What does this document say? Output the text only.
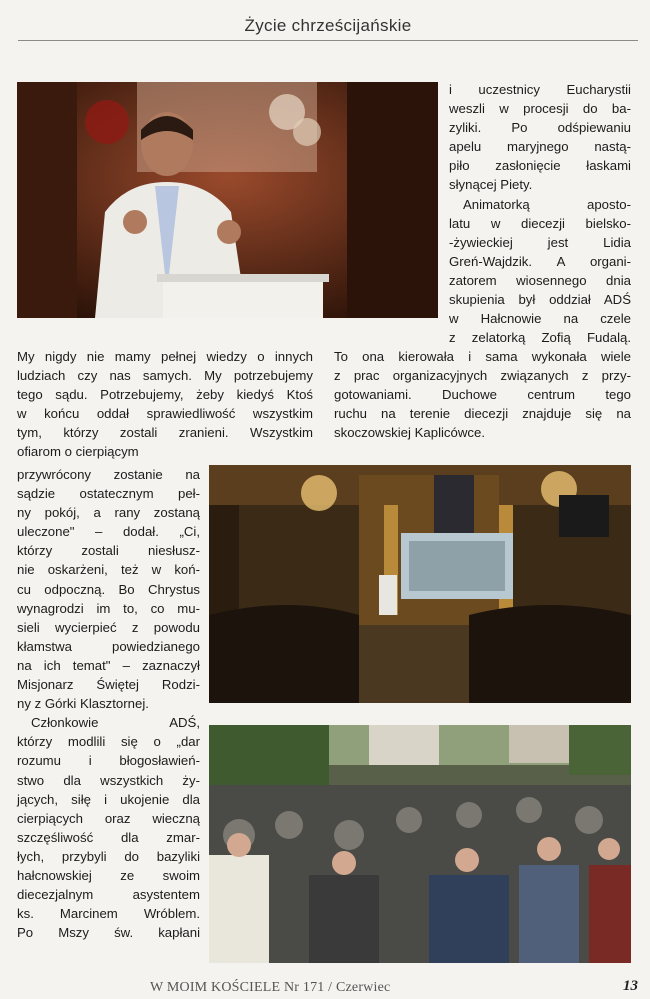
Życie chrześcijańskie
i uczestnicy Eucharystii
weszli w procesji do ba-
zyliki. Po odśpiewaniu
apelu maryjnego nastą-
piło zasłonięcie łaskami
słynącej Piety.
Animatorką aposto-
latu w diecezji bielsko-
-żywieckiej jest Lidia
Greń-Wajdzik. A organi-
zatorem wiosennego dnia
skupienia był oddział ADŚ
w Hałcnowie na czele
z zelatorką Zofią Fudalą.
My nigdy nie mamy pełnej wiedzy o innych
ludziach czy nas samych. My potrzebujemy
tego sądu. Potrzebujemy, żeby kiedyś Ktoś
w końcu oddał sprawiedliwość wszystkim
tym, którzy zostali zranieni. Wszystkim
ofiarom o cierpiącym
To ona kierowała i sama wykonała wiele
z prac organizacyjnych związanych z przy-
gotowaniami. Duchowe centrum tego
ruchu na terenie diecezji znajduje się na
skoczowskiej Kaplicówce.
przywrócony zostanie na
sądzie ostatecznym peł-
ny pokój, a rany zostaną
uleczone" – dodał. „Ci,
którzy zostali niesłusz-
nie oskarżeni, też w koń-
cu odpoczną. Bo Chrystus
wynagrodzi im to, co mu-
sieli wycierpieć z powodu
kłamstwa powiedzianego
na ich temat" – zaznaczył
Misjonarz Świętej Rodzi-
ny z Górki Klasztornej.
Członkowie ADŚ,
którzy modlili się o „dar
rozumu i błogosławień-
stwo dla wszystkich ży-
jących, siłę i ukojenie dla
cierpiących oraz wieczną
szczęśliwość dla zmar-
łych, przybyli do bazyliki
hałcnowskiej ze swoim
diecezjalnym asystentem
ks. Marcinem Wróblem.
Po Mszy św. kapłani
W MOIM KOŚCIELE Nr 171 / Czerwiec	13
